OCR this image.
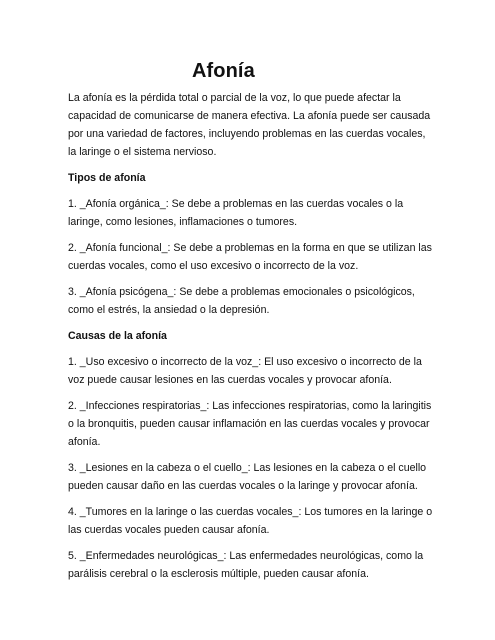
Afonía

La afonía es la pérdida total o parcial de la voz, lo que puede afectar la capacidad de comunicarse de manera efectiva. La afonía puede ser causada por una variedad de factores, incluyendo problemas en las cuerdas vocales, la laringe o el sistema nervioso.

Tipos de afonía

1. _Afonía orgánica_: Se debe a problemas en las cuerdas vocales o la laringe, como lesiones, inflamaciones o tumores.

2. _Afonía funcional_: Se debe a problemas en la forma en que se utilizan las cuerdas vocales, como el uso excesivo o incorrecto de la voz.

3. _Afonía psicógena_: Se debe a problemas emocionales o psicológicos, como el estrés, la ansiedad o la depresión.

Causas de la afonía

1. _Uso excesivo o incorrecto de la voz_: El uso excesivo o incorrecto de la voz puede causar lesiones en las cuerdas vocales y provocar afonía.

2. _Infecciones respiratorias_: Las infecciones respiratorias, como la laringitis o la bronquitis, pueden causar inflamación en las cuerdas vocales y provocar afonía.

3. _Lesiones en la cabeza o el cuello_: Las lesiones en la cabeza o el cuello pueden causar daño en las cuerdas vocales o la laringe y provocar afonía.

4. _Tumores en la laringe o las cuerdas vocales_: Los tumores en la laringe o las cuerdas vocales pueden causar afonía.

5. _Enfermedades neurológicas_: Las enfermedades neurológicas, como la parálisis cerebral o la esclerosis múltiple, pueden causar afonía.
